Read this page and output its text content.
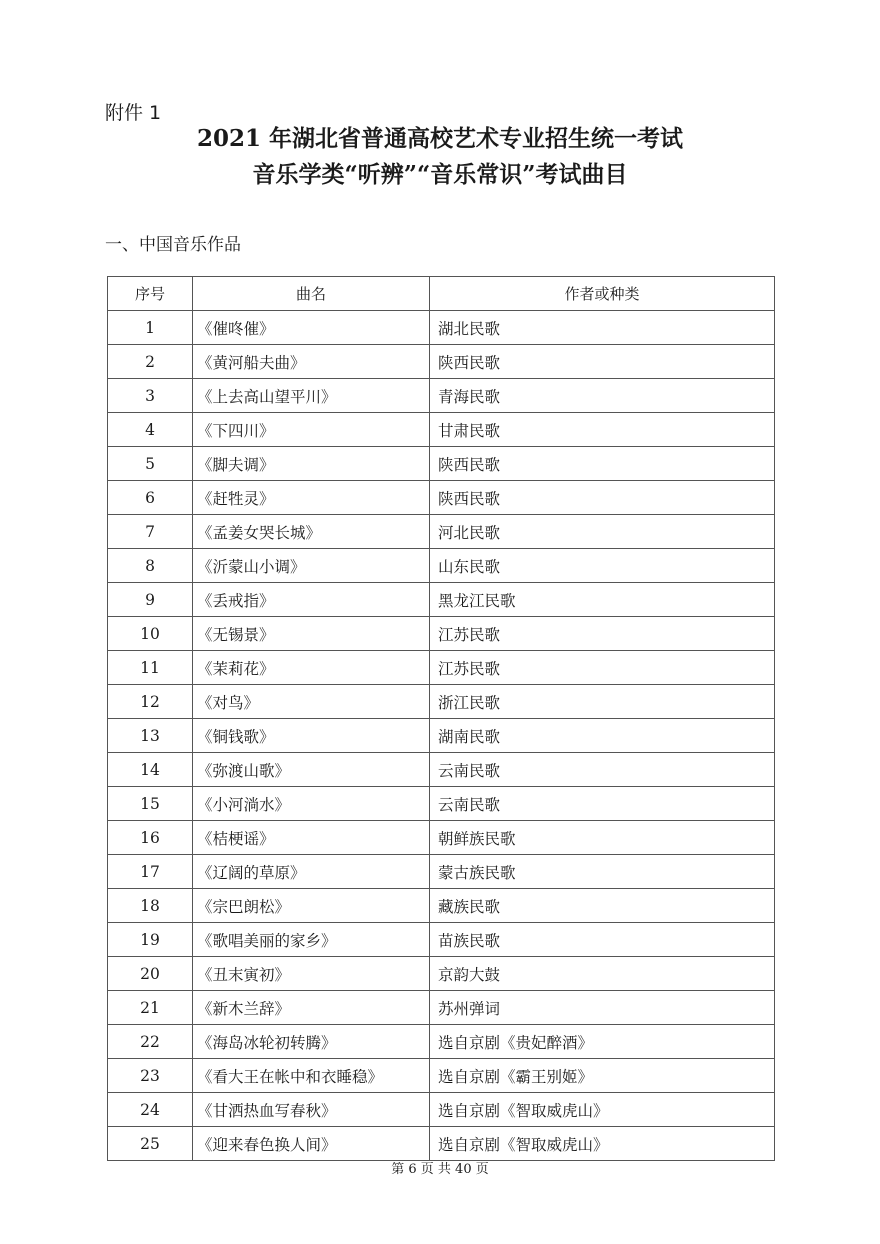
附件 1
2021 年湖北省普通高校艺术专业招生统一考试
音乐学类“听辨”“音乐常识”考试曲目
一、中国音乐作品
序号	曲名	作者或种类
1	《催咚催》	湖北民歌
2	《黄河船夫曲》	陕西民歌
3	《上去高山望平川》	青海民歌
4	《下四川》	甘肃民歌
5	《脚夫调》	陕西民歌
6	《赶牲灵》	陕西民歌
7	《孟姜女哭长城》	河北民歌
8	《沂蒙山小调》	山东民歌
9	《丢戒指》	黑龙江民歌
10	《无锡景》	江苏民歌
11	《茉莉花》	江苏民歌
12	《对鸟》	浙江民歌
13	《铜钱歌》	湖南民歌
14	《弥渡山歌》	云南民歌
15	《小河淌水》	云南民歌
16	《桔梗谣》	朝鲜族民歌
17	《辽阔的草原》	蒙古族民歌
18	《宗巴朗松》	藏族民歌
19	《歌唱美丽的家乡》	苗族民歌
20	《丑末寅初》	京韵大鼓
21	《新木兰辞》	苏州弹词
22	《海岛冰轮初转腾》	选自京剧《贵妃醉酒》
23	《看大王在帐中和衣睡稳》	选自京剧《霸王别姬》
24	《甘洒热血写春秋》	选自京剧《智取威虎山》
25	《迎来春色换人间》	选自京剧《智取威虎山》
第 6 页 共 40 页
